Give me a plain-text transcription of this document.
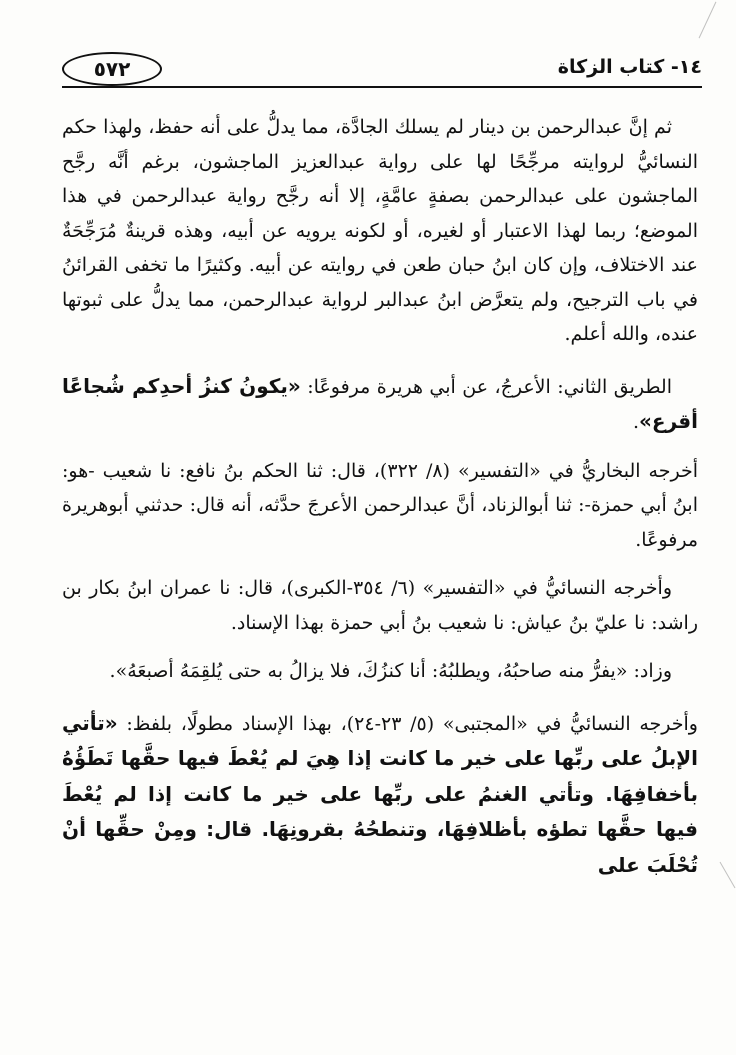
٥٧٢	١٤- كتاب الزكاة

ثم إنَّ عبدالرحمن بن دينار لم يسلك الجادَّة، مما يدلُّ على أنه حفظ، ولهذا حكم النسائيُّ لروايته مرجِّحًا لها على رواية عبدالعزيز الماجشون، برغم أنَّه رجَّح الماجشون على عبدالرحمن بصفةٍ عامَّةٍ، إلا أنه رجَّح رواية عبدالرحمن في هذا الموضع؛ ربما لهذا الاعتبار أو لغيره، أو لكونه يرويه عن أبيه، وهذه قرينةٌ مُرَجِّحَةٌ عند الاختلاف، وإن كان ابنُ حبان طعن في روايته عن أبيه. وكثيرًا ما تخفى القرائنُ في باب الترجيح، ولم يتعرَّض ابنُ عبدالبر لرواية عبدالرحمن، مما يدلُّ على ثبوتها عنده، والله أعلم.

الطريق الثاني: الأعرجُ، عن أبي هريرة مرفوعًا: «يكونُ كنزُ أحدِكم شُجاعًا أقرع».

أخرجه البخاريُّ في «التفسير» (٨/ ٣٢٢)، قال: ثنا الحكم بنُ نافع: نا شعيب -هو: ابنُ أبي حمزة-: ثنا أبوالزناد، أنَّ عبدالرحمن الأعرجَ حدَّثه، أنه قال: حدثني أبوهريرة مرفوعًا.

وأخرجه النسائيُّ في «التفسير» (٦/ ٣٥٤-الكبرى)، قال: نا عمران ابنُ بكار بن راشد: نا عليّ بنُ عياش: نا شعيب بنُ أبي حمزة بهذا الإسناد.

وزاد: «يفرُّ منه صاحبُهُ، ويطلبُهُ: أنا كنزُكَ، فلا يزالُ به حتى يُلقِمَهُ أصبعَهُ».

وأخرجه النسائيُّ في «المجتبى» (٥/ ٢٣-٢٤)، بهذا الإسناد مطولًا، بلفظ: «تأتي الإبلُ على ربِّها على خير ما كانت إذا هِيَ لم يُعْطَ فيها حقَّها تَطَؤُهُ بأخفافِهَا. وتأتي الغنمُ على ربِّها على خير ما كانت إذا لم يُعْطَ فيها حقَّها تطؤه بأظلافِهَا، وتنطحُهُ بقرونِهَا. قال: ومِنْ حقِّها أنْ تُحْلَبَ على
